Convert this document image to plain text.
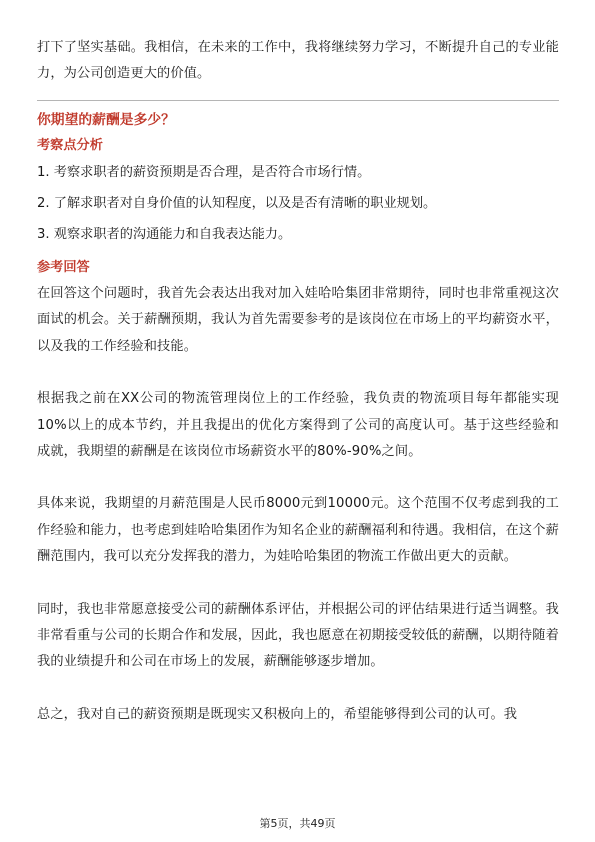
打下了坚实基础。我相信，在未来的工作中，我将继续努力学习，不断提升自己的专业能力，为公司创造更大的价值。

你期望的薪酬是多少？
考察点分析
1. 考察求职者的薪资预期是否合理，是否符合市场行情。
2. 了解求职者对自身价值的认知程度，以及是否有清晰的职业规划。
3. 观察求职者的沟通能力和自我表达能力。
参考回答

在回答这个问题时，我首先会表达出我对加入娃哈哈集团非常期待，同时也非常重视这次面试的机会。关于薪酬预期，我认为首先需要参考的是该岗位在市场上的平均薪资水平，以及我的工作经验和技能。

根据我之前在XX公司的物流管理岗位上的工作经验，我负责的物流项目每年都能实现10%以上的成本节约，并且我提出的优化方案得到了公司的高度认可。基于这些经验和成就，我期望的薪酬是在该岗位市场薪资水平的80%-90%之间。

具体来说，我期望的月薪范围是人民币8000元到10000元。这个范围不仅考虑到我的工作经验和能力，也考虑到娃哈哈集团作为知名企业的薪酬福利和待遇。我相信，在这个薪酬范围内，我可以充分发挥我的潜力，为娃哈哈集团的物流工作做出更大的贡献。

同时，我也非常愿意接受公司的薪酬体系评估，并根据公司的评估结果进行适当调整。我非常看重与公司的长期合作和发展，因此，我也愿意在初期接受较低的薪酬，以期待随着我的业绩提升和公司在市场上的发展，薪酬能够逐步增加。

总之，我对自己的薪资预期是既现实又积极向上的，希望能够得到公司的认可。我

第5页，共49页
